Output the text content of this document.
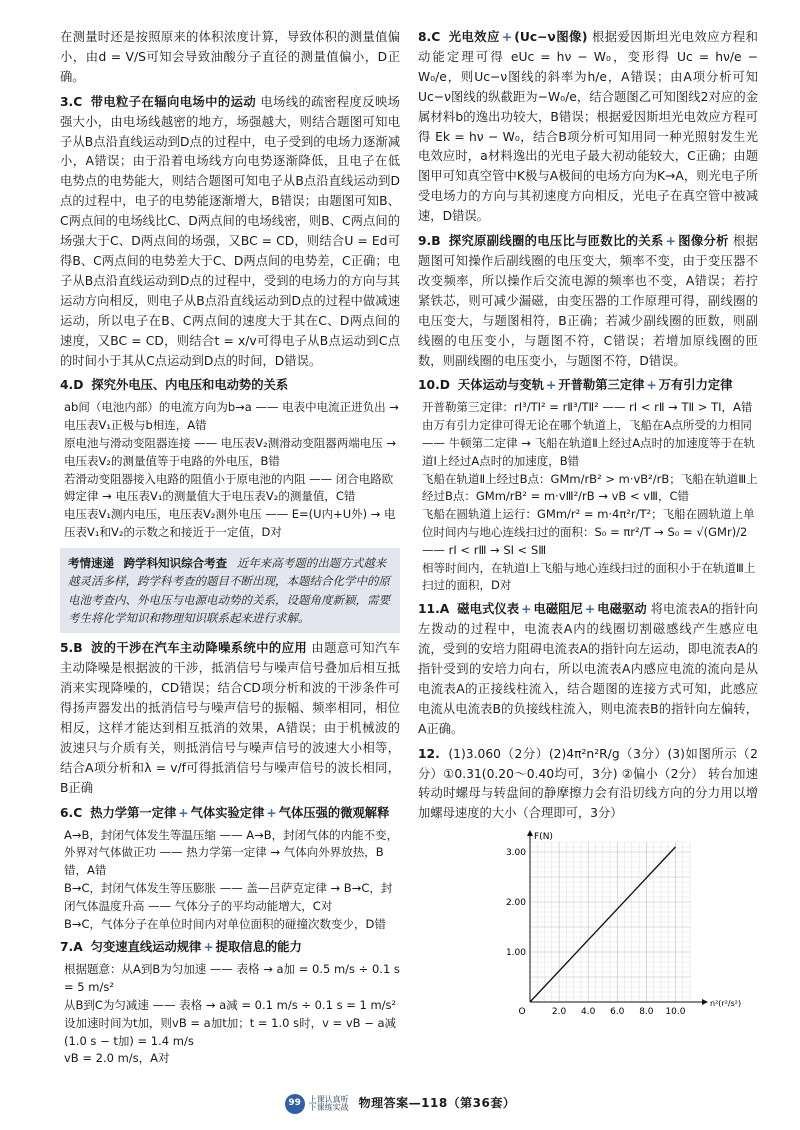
在测量时还是按照原来的体积浓度计算，导致体积的测量值偏小，由d = V/S可知会导致油酸分子直径的测量值偏小，D正确。

3.C 带电粒子在辐向电场中的运动 电场线的疏密程度反映场强大小，由电场线越密的地方，场强越大，则结合题图可知电子从B点沿直线运动到D点的过程中，电子受到的电场力逐渐减小，A错误；由于沿着电场线方向电势逐渐降低，且电子在低电势点的电势能大，则结合题图可知电子从B点沿直线运动到D点的过程中，电子的电势能逐渐增大，B错误；由题图可知B、C两点间的电场线比C、D两点间的电场线密，则B、C两点间的场强大于C、D两点间的场强，又BC = CD，则结合U = Ed可得B、C两点间的电势差大于C、D两点间的电势差，C正确；电子从B点沿直线运动到D点的过程中，受到的电场力的方向与其运动方向相反，则电子从B点沿直线运动到D点的过程中做减速运动，所以电子在B、C两点间的速度大于其在C、D两点间的速度，又BC = CD，则结合t = x/v可得电子从B点运动到C点的时间小于其从C点运动到D点的时间，D错误。

4.D 探究外电压、内电压和电动势的关系

ab间（电池内部）的电流方向为b→a —— 电表中电流正进负出 → 电压表V₁正极与b相连，A错
原电池与滑动变阻器连接 —— 电压表V₂测滑动变阻器两端电压 → 电压表V₂的测量值等于电路的外电压，B错
若滑动变阻器接入电路的阻值小于原电池的内阻 —— 闭合电路欧姆定律 → 电压表V₁的测量值大于电压表V₂的测量值，C错
电压表V₁测内电压，电压表V₂测外电压 —— E=(U内+U外) → 电压表V₁和V₂的示数之和接近于一定值，D对
考情速递 跨学科知识综合考查 近年来高考题的出题方式越来越灵活多样，跨学科考查的题目不断出现，本题结合化学中的原电池考查内、外电压与电源电动势的关系，设题角度新颖，需要考生将化学知识和物理知识联系起来进行求解。

5.B 波的干涉在汽车主动降噪系统中的应用 由题意可知汽车主动降噪是根据波的干涉，抵消信号与噪声信号叠加后相互抵消来实现降噪的，CD错误；结合CD项分析和波的干涉条件可得扬声器发出的抵消信号与噪声信号的振幅、频率相同，相位相反，这样才能达到相互抵消的效果，A错误；由于机械波的波速只与介质有关，则抵消信号与噪声信号的波速大小相等，结合A项分析和λ = v/f可得抵消信号与噪声信号的波长相同，B正确

6.C 热力学第一定律 + 气体实验定律 + 气体压强的微观解释

A→B，封闭气体发生等温压缩 —— A→B，封闭气体的内能不变，外界对气体做正功 —— 热力学第一定律 → 气体向外界放热，B错，A错
B→C，封闭气体发生等压膨胀 —— 盖—吕萨克定律 → B→C，封闭气体温度升高 —— 气体分子的平均动能增大，C对
B→C，气体分子在单位时间内对单位面积的碰撞次数变少，D错

7.A 匀变速直线运动规律 + 提取信息的能力

根据题意：从A到B为匀加速 —— 表格 → a加 = 0.5 m/s ÷ 0.1 s = 5 m/s²
从B到C为匀减速 —— 表格 → a减 = 0.1 m/s ÷ 0.1 s = 1 m/s²
设加速时间为t加，则vB = a加t加；t = 1.0 s时，v = vB − a减(1.0 s − t加) = 1.4 m/s
vB = 2.0 m/s，A对

8.C 光电效应 + (Uc−ν图像) 根据爱因斯坦光电效应方程和动能定理可得 eUc = hν − W₀，变形得 Uc = hν/e − W₀/e，则Uc−ν图线的斜率为h/e，A错误；由A项分析可知Uc−ν图线的纵截距为−W₀/e，结合题图乙可知图线2对应的金属材料b的逸出功较大，B错误；根据爱因斯坦光电效应方程可得 Ek = hν − W₀，结合B项分析可知用同一种光照射发生光电效应时，a材料逸出的光电子最大初动能较大，C正确；由题图甲可知真空管中K极与A极间的电场方向为K→A，则光电子所受电场力的方向与其初速度方向相反，光电子在真空管中被减速，D错误。

9.B 探究原副线圈的电压比与匝数比的关系 + 图像分析 根据题图可知操作后副线圈的电压变大，频率不变，由于变压器不改变频率，所以操作后交流电源的频率也不变，A错误；若拧紧铁芯，则可减少漏磁，由变压器的工作原理可得，副线圈的电压变大，与题图相符，B正确；若减少副线圈的匝数，则副线圈的电压变小，与题图不符，C错误；若增加原线圈的匝数，则副线圈的电压变小，与题图不符，D错误。

10.D 天体运动与变轨 + 开普勒第三定律 + 万有引力定律

开普勒第三定律：rⅠ³/TⅠ² = rⅡ³/TⅡ² —— rⅠ < rⅡ → TⅡ > TⅠ，A错
由万有引力定律可得无论在哪个轨道上，飞船在A点所受的力相同 —— 牛顿第二定律 → 飞船在轨道Ⅱ上经过A点时的加速度等于在轨道Ⅰ上经过A点时的加速度，B错
飞船在轨道Ⅱ上经过B点：GMm/rB² > m·vB²/rB；飞船在轨道Ⅲ上经过B点：GMm/rB² = m·vⅢ²/rB → vB < vⅢ，C错
飞船在圆轨道上运行：GMm/r² = m·4π²r/T²；飞船在圆轨道上单位时间内与地心连线扫过的面积：S₀ = πr²/T → S₀ = √(GMr)/2 —— rⅠ < rⅢ → SⅠ < SⅢ
相等时间内，在轨道Ⅰ上飞船与地心连线扫过的面积小于在轨道Ⅲ上扫过的面积，D对

11.A 磁电式仪表 + 电磁阻尼 + 电磁驱动 将电流表A的指针向左拨动的过程中，电流表A内的线圈切割磁感线产生感应电流，受到的安培力阻碍电流表A的指针向左运动，即电流表A的指针受到的安培力向右，所以电流表A内感应电流的流向是从电流表A的正接线柱流入，结合题图的连接方式可知，此感应电流从电流表B的负接线柱流入，则电流表B的指针向左偏转，A正确。

12. (1)3.060（2分）(2)4π²n²R/g（3分）(3)如图所示（2分）①0.31(0.20～0.40均可，3分) ②偏小（2分） 转台加速转动时螺母与转盘间的静摩擦力会有沿切线方向的分力用以增加螺母速度的大小（合理即可，3分）

2.0 4.0 6.0 8.0 10.0
1.00
2.00
3.00
O
F(N)
n²(r²/s²)
99 上课认真听
下课练实战 物理答案—118（第36套）
